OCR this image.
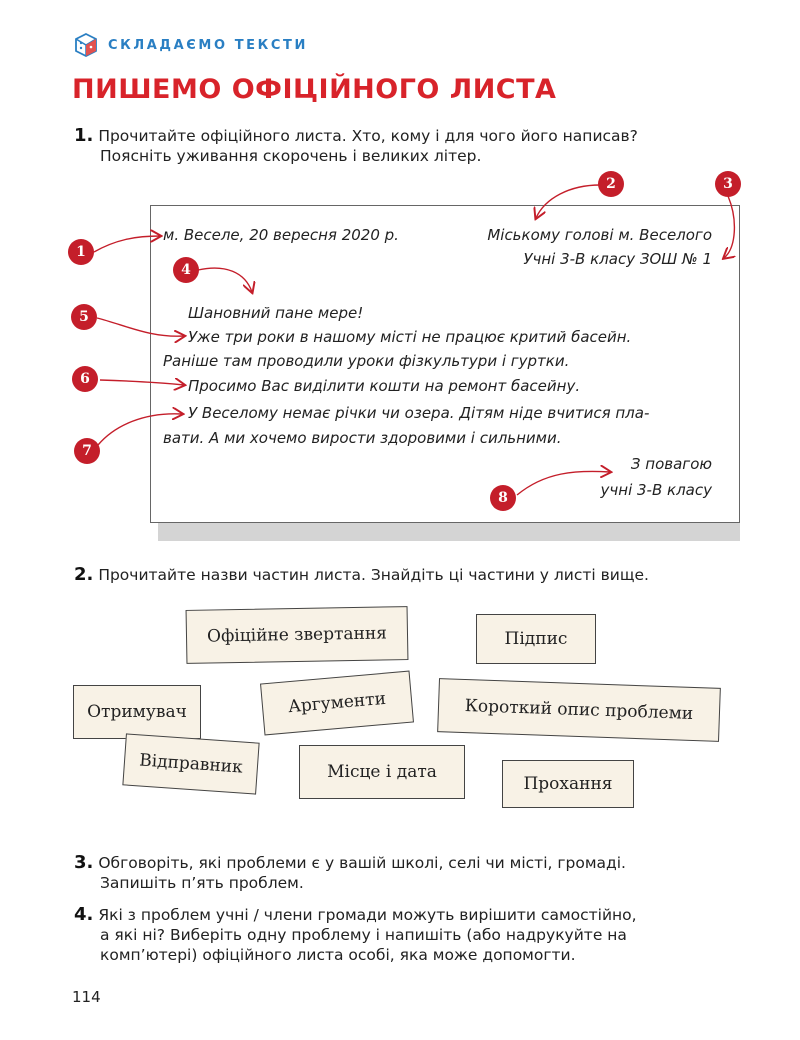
СКЛАДАЄМО ТЕКСТИ
ПИШЕМО ОФІЦІЙНОГО ЛИСТА
1. Прочитайте офіційного листа. Хто, кому і для чого його написав?
Поясніть уживання скорочень і великих літер.
м. Веселе, 20 вересня 2020 р.	Міському голові м. Веселого
Учні 3-В класу ЗОШ № 1
Шановний пане мере!
Уже три роки в нашому місті не працює критий басейн.
Раніше там проводили уроки фізкультури і гуртки.
Просимо Вас виділити кошти на ремонт басейну.
У Веселому немає річки чи озера. Дітям ніде вчитися пла-
вати. А ми хочемо вирости здоровими і сильними.
З повагою
учні 3-В класу
1
2	3
4
5
6
7
8
2. Прочитайте назви частин листа. Знайдіть ці частини у листі вище.
Офіційне звертання	Підпис
Отримувач	Аргументи	Короткий опис проблеми
Відправник	Місце і дата
Прохання
3. Обговоріть, які проблеми є у вашій школі, селі чи місті, громаді.
Запишіть п’ять проблем.
4. Які з проблем учні / члени громади можуть вирішити самостійно,
а які ні? Виберіть одну проблему і напишіть (або надрукуйте на
комп’ютері) офіційного листа особі, яка може допомогти.
114
